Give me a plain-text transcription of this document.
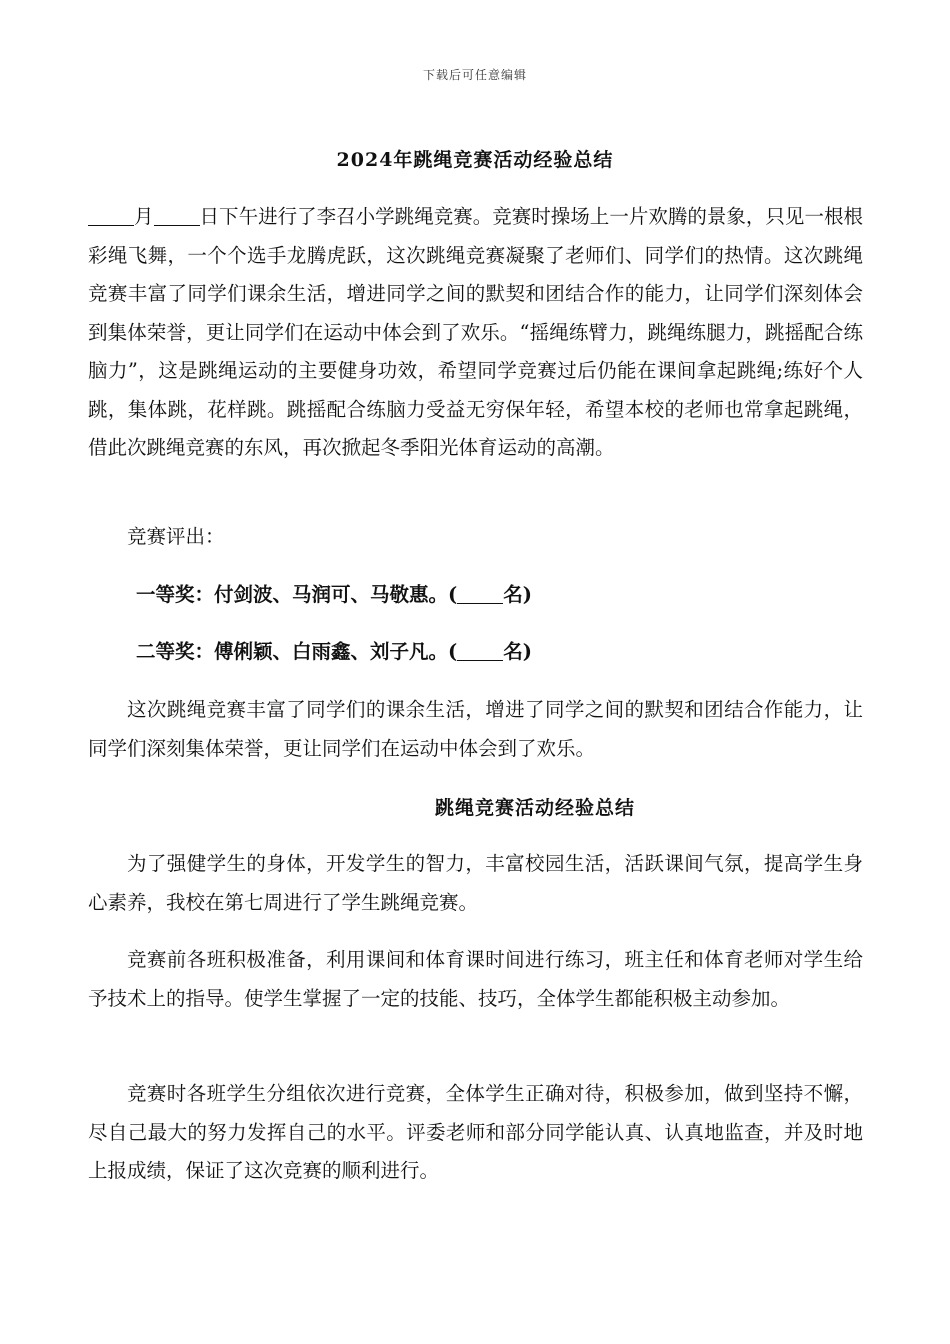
下载后可任意编辑
2024年跳绳竞赛活动经验总结

月 日下午进行了李召小学跳绳竞赛。竞赛时操场上一片欢腾的景象，只见一根根彩绳飞舞，一个个选手龙腾虎跃，这次跳绳竞赛凝聚了老师们、同学们的热情。这次跳绳竞赛丰富了同学们课余生活，增进同学之间的默契和团结合作的能力，让同学们深刻体会到集体荣誉，更让同学们在运动中体会到了欢乐。“摇绳练臂力，跳绳练腿力，跳摇配合练脑力”，这是跳绳运动的主要健身功效，希望同学竞赛过后仍能在课间拿起跳绳;练好个人跳，集体跳，花样跳。跳摇配合练脑力受益无穷保年轻，希望本校的老师也常拿起跳绳，借此次跳绳竞赛的东风，再次掀起冬季阳光体育运动的高潮。

竞赛评出：

一等奖：付剑波、马润可、马敬惠。( 名)
二等奖：傅俐颖、白雨鑫、刘子凡。( 名)

这次跳绳竞赛丰富了同学们的课余生活，增进了同学之间的默契和团结合作能力，让同学们深刻集体荣誉，更让同学们在运动中体会到了欢乐。

跳绳竞赛活动经验总结

为了强健学生的身体，开发学生的智力，丰富校园生活，活跃课间气氛，提高学生身心素养，我校在第七周进行了学生跳绳竞赛。

竞赛前各班积极准备，利用课间和体育课时间进行练习，班主任和体育老师对学生给予技术上的指导。使学生掌握了一定的技能、技巧，全体学生都能积极主动参加。

竞赛时各班学生分组依次进行竞赛，全体学生正确对待，积极参加，做到坚持不懈，尽自己最大的努力发挥自己的水平。评委老师和部分同学能认真、认真地监查，并及时地上报成绩，保证了这次竞赛的顺利进行。
